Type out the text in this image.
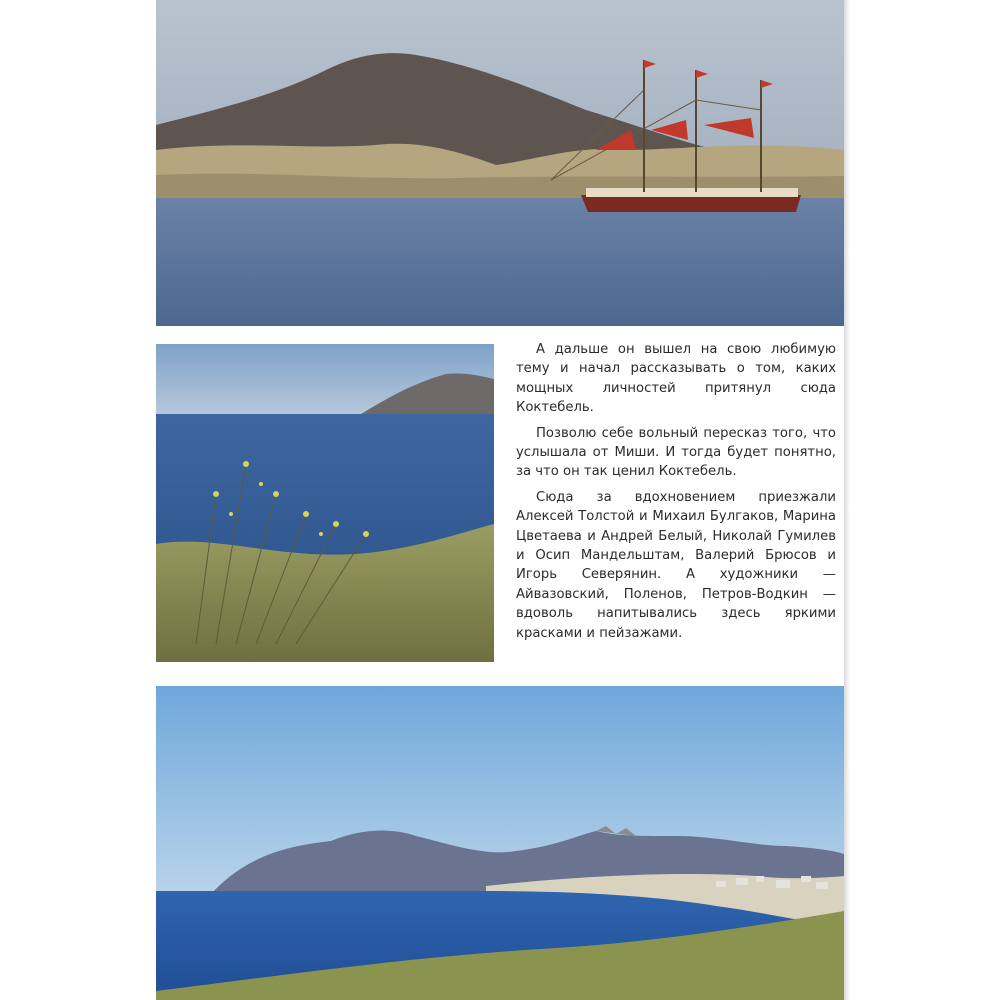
А дальше он вышел на свою любимую тему и начал рассказывать о том, каких мощных личностей притянул сюда Коктебель.

Позволю себе вольный пересказ того, что услышала от Миши. И тогда будет понятно, за что он так ценил Коктебель.

Сюда за вдохновением приезжали Алексей Толстой и Михаил Булгаков, Марина Цветаева и Андрей Белый, Николай Гумилев и Осип Мандельштам, Валерий Брюсов и Игорь Северянин. А художники — Айвазовский, Поленов, Петров-Водкин — вдоволь напитывались здесь яркими красками и пейзажами.
